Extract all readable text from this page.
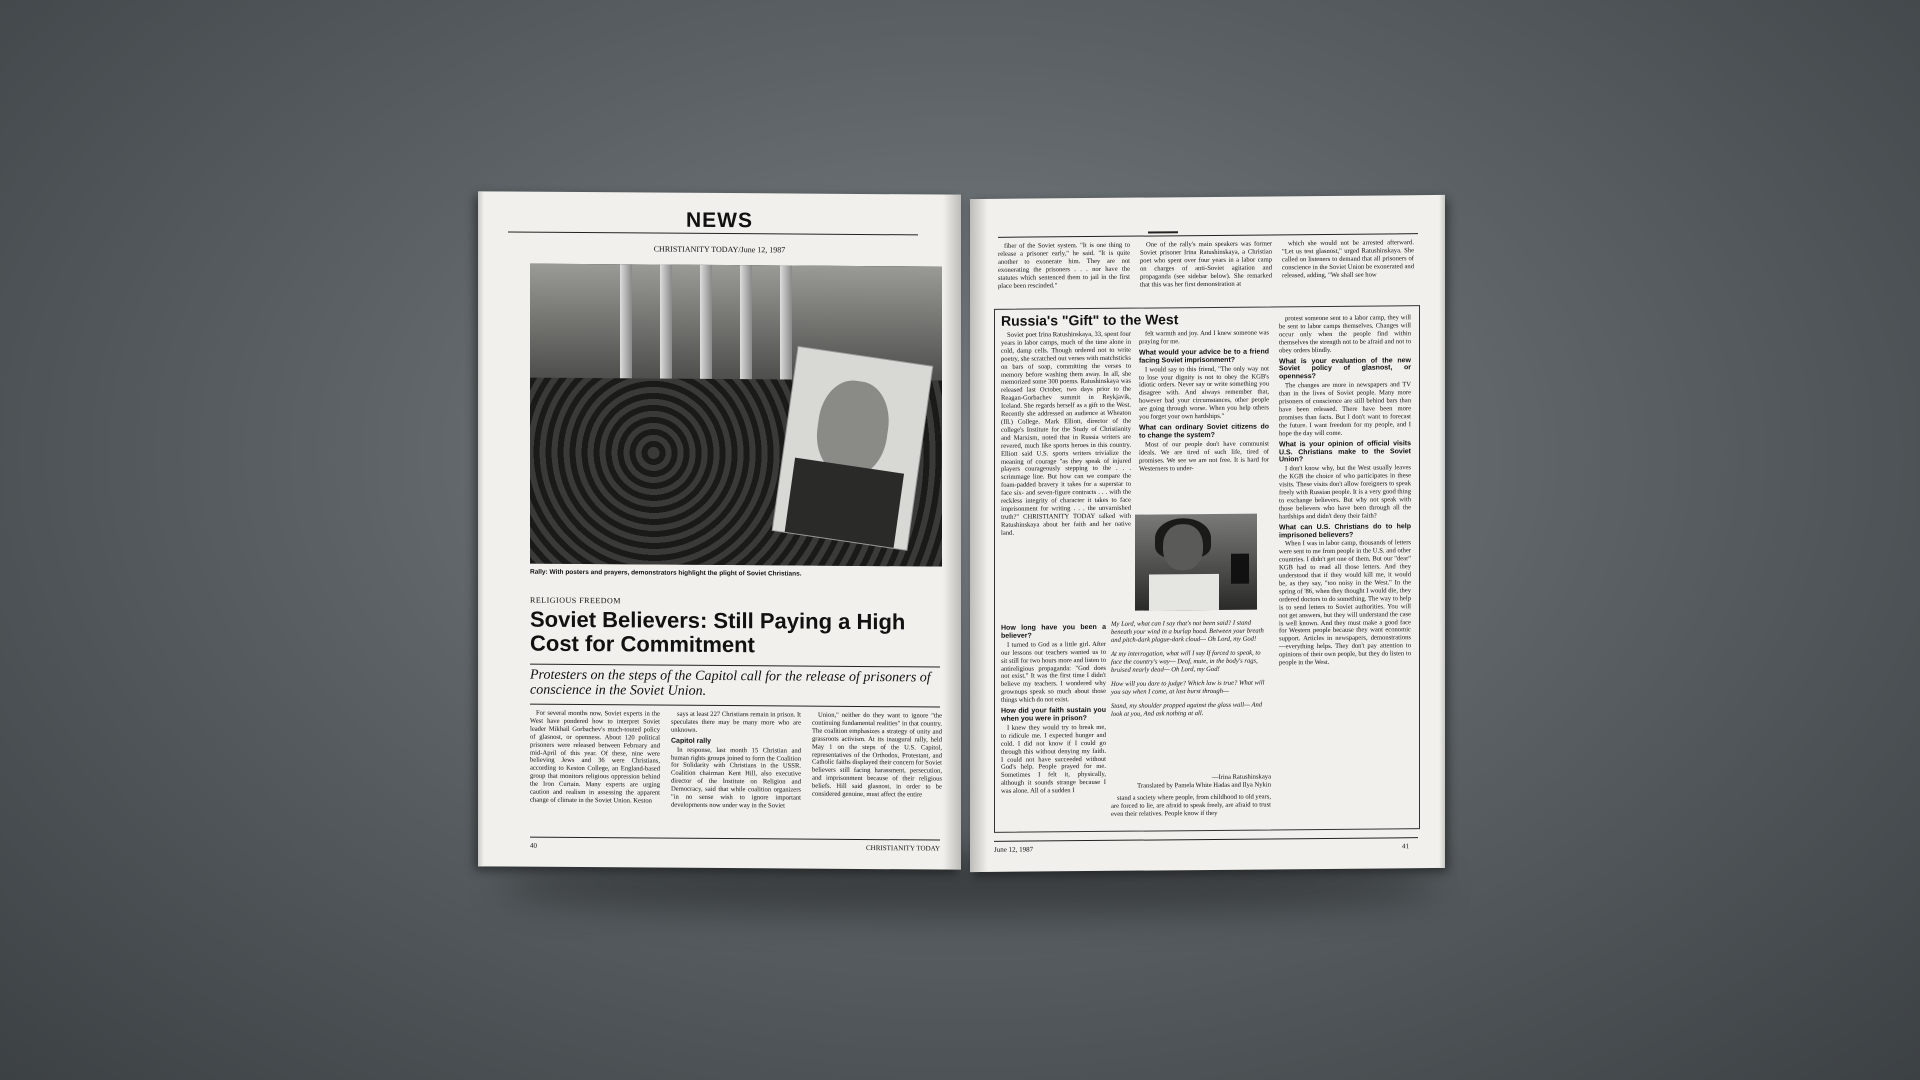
NEWS
CHRISTIANITY TODAY/June 12, 1987
Rally: With posters and prayers, demonstrators highlight the plight of Soviet Christians.
RELIGIOUS FREEDOM
Soviet Believers: Still Paying a High Cost for Commitment
Protesters on the steps of the Capitol call for the release of prisoners of conscience in the Soviet Union.

For several months now, Soviet experts in the West have pondered how to interpret Soviet leader Mikhail Gorbachev's much-touted policy of glasnost, or openness. About 120 political prisoners were released between February and mid-April of this year. Of these, nine were believing Jews and 36 were Christians, according to Keston College, an England-based group that monitors religious oppression behind the Iron Curtain. Many experts are urging caution and realism in assessing the apparent change of climate in the Soviet Union. Keston

says at least 227 Christians remain in prison. It speculates there may be many more who are unknown.

Capitol rally

In response, last month 15 Christian and human rights groups joined to form the Coalition for Solidarity with Christians in the USSR. Coalition chairman Kent Hill, also executive director of the Institute on Religion and Democracy, said that while coalition organizers "in no sense wish to ignore important developments now under way in the Soviet

Union," neither do they want to ignore "the continuing fundamental realities" in that country. The coalition emphasizes a strategy of unity and grassroots activism. At its inaugural rally, held May 1 on the steps of the U.S. Capitol, representatives of the Orthodox, Protestant, and Catholic faiths displayed their concern for Soviet believers still facing harassment, persecution, and imprisonment because of their religious beliefs. Hill said glasnost, in order to be considered genuine, must affect the entire

40	CHRISTIANITY TODAY

fiber of the Soviet system. "It is one thing to release a prisoner early," he said. "It is quite another to exonerate him. They are not exonerating the prisoners . . . nor have the statutes which sentenced them to jail in the first place been rescinded."

One of the rally's main speakers was former Soviet prisoner Irina Ratushinskaya, a Christian poet who spent over four years in a labor camp on charges of anti-Soviet agitation and propaganda (see sidebar below). She remarked that this was her first demonstration at

which she would not be arrested afterward. "Let us test glasnost," urged Ratushinskaya. She called on listeners to demand that all prisoners of conscience in the Soviet Union be exonerated and released, adding, "We shall see how

Russia's "Gift" to the West

Soviet poet Irina Ratushinskaya, 33, spent four years in labor camps, much of the time alone in cold, damp cells. Though ordered not to write poetry, she scratched out verses with matchsticks on bars of soap, committing the verses to memory before washing them away. In all, she memorized some 300 poems. Ratushinskaya was released last October, two days prior to the Reagan-Gorbachev summit in Reykjavik, Iceland. She regards herself as a gift to the West. Recently she addressed an audience at Wheaton (Ill.) College. Mark Elliott, director of the college's Institute for the Study of Christianity and Marxism, noted that in Russia writers are revered, much like sports heroes in this country. Elliott said U.S. sports writers trivialize the meaning of courage "as they speak of injured players courageously stepping to the . . . scrimmage line. But how can we compare the foam-padded bravery it takes for a superstar to face six- and seven-figure contracts . . . with the reckless integrity of character it takes to face imprisonment for writing . . . the unvarnished truth?" CHRISTIANITY TODAY talked with Ratushinskaya about her faith and her native land.

How long have you been a believer?

I turned to God as a little girl. After our lessons our teachers wanted us to sit still for two hours more and listen to antireligious propaganda: "God does not exist." It was the first time I didn't believe my teachers. I wondered why grownups speak so much about those things which do not exist.

How did your faith sustain you when you were in prison?

I knew they would try to break me, to ridicule me. I expected hunger and cold. I did not know if I could go through this without denying my faith. I could not have succeeded without God's help. People prayed for me. Sometimes I felt it, physically, although it sounds strange because I was alone. All of a sudden I

felt warmth and joy. And I knew someone was praying for me.

What would your advice be to a friend facing Soviet imprisonment?

I would say to this friend, "The only way not to lose your dignity is not to obey the KGB's idiotic orders. Never say or write something you disagree with. And always remember that, however bad your circumstances, other people are going through worse. When you help others you forget your own hardships."

What can ordinary Soviet citizens do to change the system?

Most of our people don't have communist ideals. We are tired of such life, tired of promises. We see we are not free. It is hard for Westerners to under-

My Lord, what can I say that's not been said? I stand beneath your wind in a burlap hood. Between your breath and pitch-dark plague-dark cloud— Oh Lord, my God!

At my interrogation, what will I say If forced to speak, to face the country's way— Deaf, mute, in the body's rags, bruised nearly dead— Oh Lord, my God!

How will you dare to judge? Which law is true? What will you say when I come, at last burst through—

Stand, my shoulder propped against the glass wall— And look at you, And ask nothing at all.

—Irina Ratushinskaya
Translated by Pamela White Hadas and Ilya Nykin

stand a society where people, from childhood to old years, are forced to lie, are afraid to speak freely, are afraid to trust even their relatives. People know if they

protest someone sent to a labor camp, they will be sent to labor camps themselves. Changes will occur only when the people find within themselves the strength not to be afraid and not to obey orders blindly.

What is your evaluation of the new Soviet policy of glasnost, or openness?

The changes are more in newspapers and TV than in the lives of Soviet people. Many more prisoners of conscience are still behind bars than have been released. There have been more promises than facts. But I don't want to forecast the future. I want freedom for my people, and I hope the day will come.

What is your opinion of official visits U.S. Christians make to the Soviet Union?

I don't know why, but the West usually leaves the KGB the choice of who participates in these visits. These visits don't allow foreigners to speak freely with Russian people. It is a very good thing to exchange believers. But why not speak with those believers who have been through all the hardships and didn't deny their faith?

What can U.S. Christians do to help imprisoned believers?

When I was in labor camp, thousands of letters were sent to me from people in the U.S. and other countries. I didn't get one of them. But our "dear" KGB had to read all those letters. And they understood that if they would kill me, it would be, as they say, "too noisy in the West." In the spring of '86, when they thought I would die, they ordered doctors to do something. The way to help is to send letters to Soviet authorities. You will not get answers, but they will understand the case is well known. And they must make a good face for Western people because they want economic support. Articles in newspapers, demonstrations—everything helps. They don't pay attention to opinions of their own people, but they do listen to people in the West.

June 12, 1987	41
